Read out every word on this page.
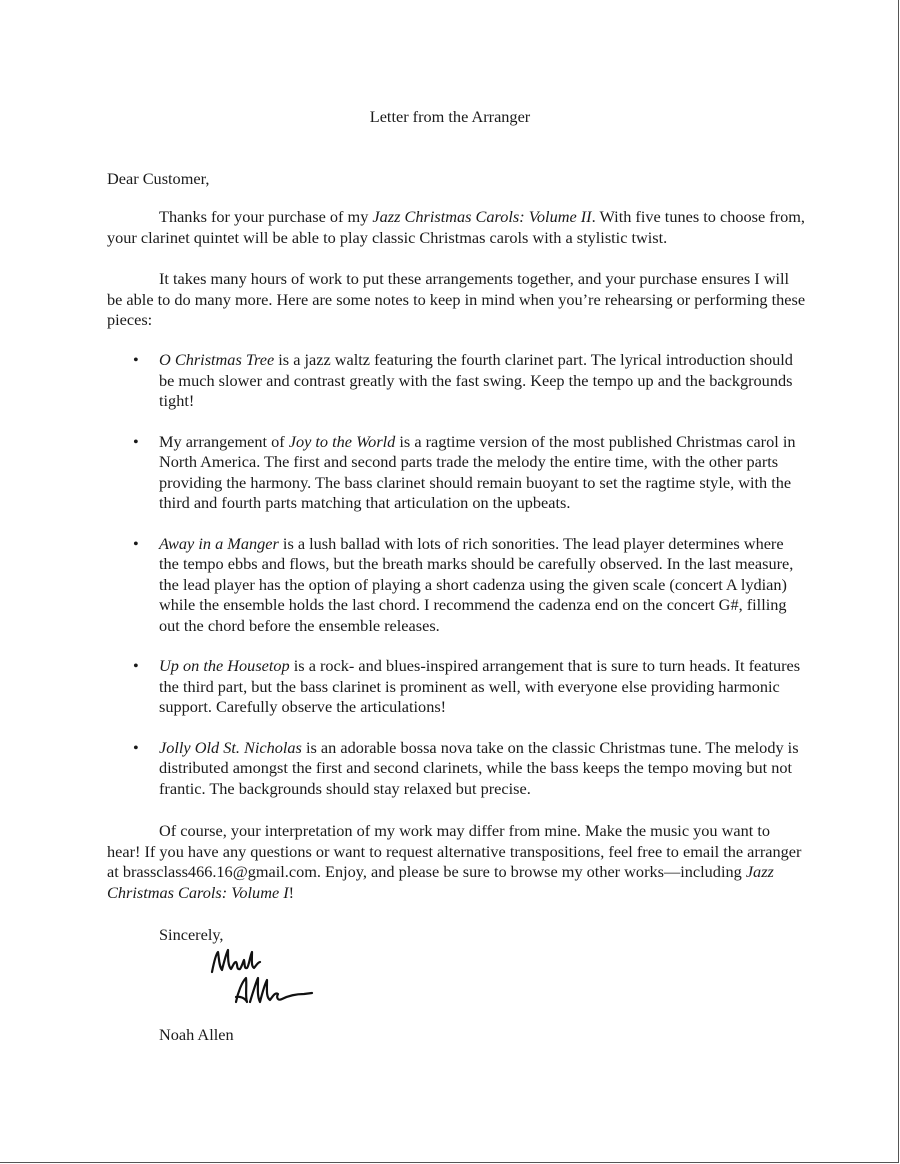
Letter from the Arranger
Dear Customer,

Thanks for your purchase of my Jazz Christmas Carols: Volume II. With five tunes to choose from, your clarinet quintet will be able to play classic Christmas carols with a stylistic twist.

It takes many hours of work to put these arrangements together, and your purchase ensures I will be able to do many more. Here are some notes to keep in mind when you’re rehearsing or performing these pieces:

• O Christmas Tree is a jazz waltz featuring the fourth clarinet part. The lyrical introduction should be much slower and contrast greatly with the fast swing. Keep the tempo up and the backgrounds tight!
• My arrangement of Joy to the World is a ragtime version of the most published Christmas carol in North America. The first and second parts trade the melody the entire time, with the other parts providing the harmony. The bass clarinet should remain buoyant to set the ragtime style, with the third and fourth parts matching that articulation on the upbeats.
• Away in a Manger is a lush ballad with lots of rich sonorities. The lead player determines where the tempo ebbs and flows, but the breath marks should be carefully observed. In the last measure, the lead player has the option of playing a short cadenza using the given scale (concert A lydian) while the ensemble holds the last chord. I recommend the cadenza end on the concert G#, filling out the chord before the ensemble releases.
• Up on the Housetop is a rock- and blues-inspired arrangement that is sure to turn heads. It features the third part, but the bass clarinet is prominent as well, with everyone else providing harmonic support. Carefully observe the articulations!
• Jolly Old St. Nicholas is an adorable bossa nova take on the classic Christmas tune. The melody is distributed amongst the first and second clarinets, while the bass keeps the tempo moving but not frantic. The backgrounds should stay relaxed but precise.

Of course, your interpretation of my work may differ from mine. Make the music you want to hear! If you have any questions or want to request alternative transpositions, feel free to email the arranger at brassclass466.16@gmail.com. Enjoy, and please be sure to browse my other works—including Jazz Christmas Carols: Volume I!

Sincerely,
Noah Allen
